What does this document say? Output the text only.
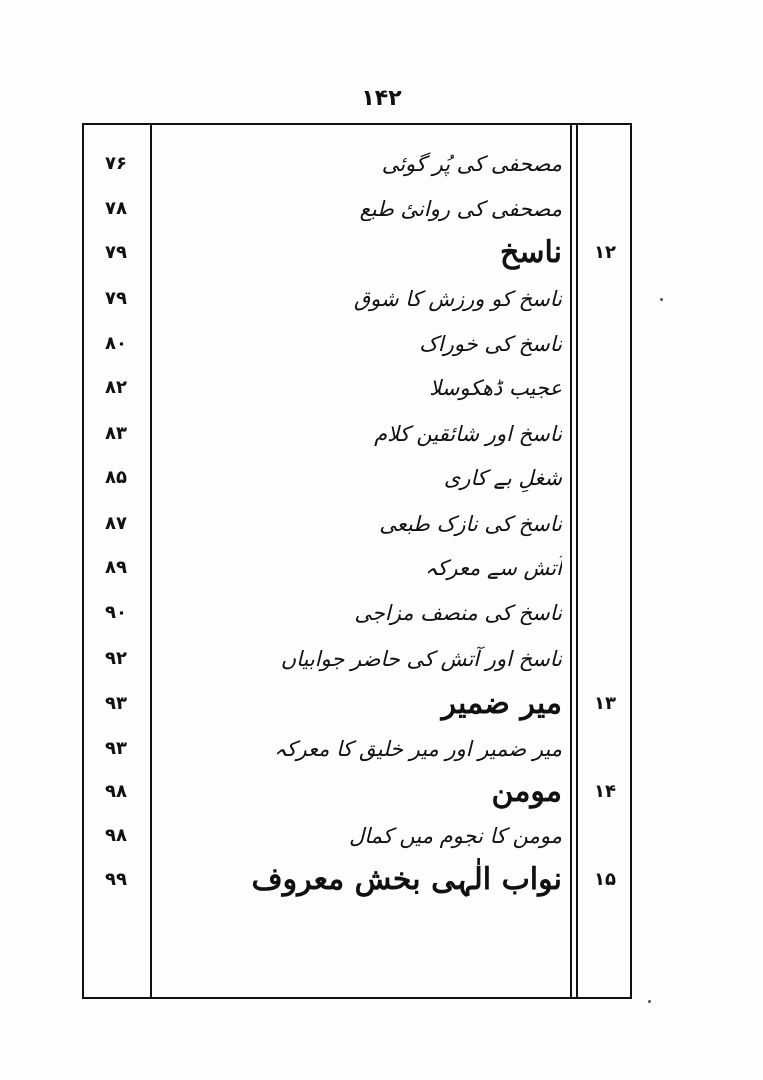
۱۴۲
۷۶	مصحفی کی پُر گوئی
۷۸	مصحفی کی روانیٔ طبع
۷۹	ناسخ	۱۲
۷۹	ناسخ کو ورزش کا شوق
۸۰	ناسخ کی خوراک
۸۲	عجیب ڈھکوسلا
۸۳	ناسخ اور شائقین کلام
۸۵	شغلِ بے کاری
۸۷	ناسخ کی نازک طبعی
۸۹	آتش سے معرکہ
۹۰	ناسخ کی منصف مزاجی
۹۲	ناسخ اور آتش کی حاضر جوابیاں
۹۳	میر ضمیر	۱۳
۹۳	میر ضمیر اور میر خلیق کا معرکہ
۹۸	مومن	۱۴
۹۸	مومن کا نجوم میں کمال
۹۹	نواب الٰہی بخش معروف	۱۵
